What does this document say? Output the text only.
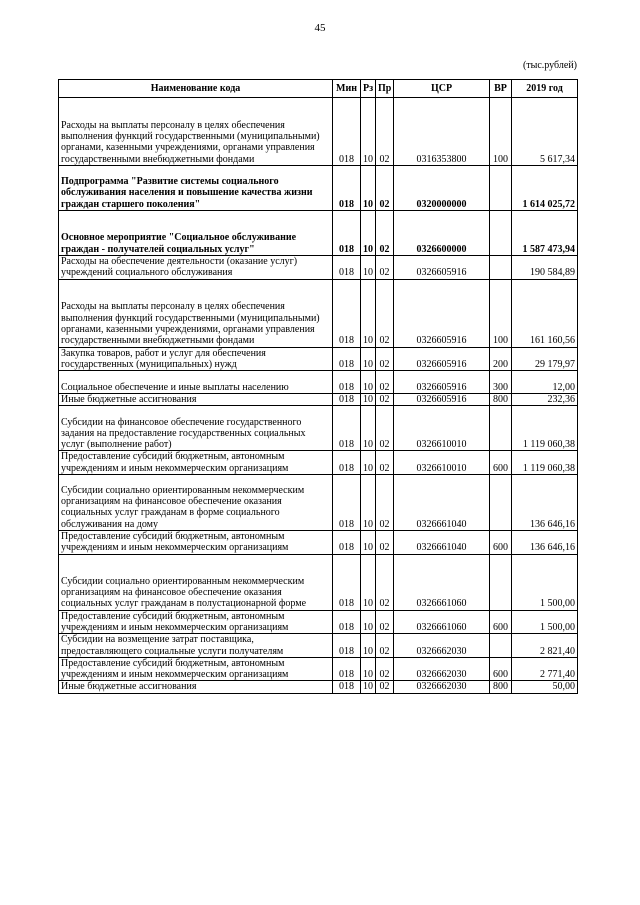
45
(тыс.рублей)
Наименование кода	Мин	Рз	Пр	ЦСР	ВР	2019 год
Расходы на выплаты персоналу в целях обеспечения выполнения функций государственными (муниципальными) органами, казенными учреждениями, органами управления государственными внебюджетными фондами	018	10	02	0316353800	100	5 617,34
Подпрограмма "Развитие системы социального обслуживания населения и повышение качества жизни граждан старшего поколения"	018	10	02	0320000000		1 614 025,72
Основное мероприятие "Социальное обслуживание граждан - получателей социальных услуг"	018	10	02	0326600000		1 587 473,94
Расходы на обеспечение деятельности (оказание услуг) учреждений социального обслуживания	018	10	02	0326605916		190 584,89
Расходы на выплаты персоналу в целях обеспечения выполнения функций государственными (муниципальными) органами, казенными учреждениями, органами управления государственными внебюджетными фондами	018	10	02	0326605916	100	161 160,56
Закупка товаров, работ и услуг для обеспечения государственных (муниципальных) нужд	018	10	02	0326605916	200	29 179,97
Социальное обеспечение и иные выплаты населению	018	10	02	0326605916	300	12,00
Иные бюджетные ассигнования	018	10	02	0326605916	800	232,36
Субсидии на финансовое обеспечение государственного задания на предоставление государственных социальных услуг (выполнение работ)	018	10	02	0326610010		1 119 060,38
Предоставление субсидий бюджетным, автономным учреждениям и иным некоммерческим организациям	018	10	02	0326610010	600	1 119 060,38
Субсидии социально ориентированным некоммерческим организациям на финансовое обеспечение оказания социальных услуг гражданам в форме социального обслуживания на дому	018	10	02	0326661040		136 646,16
Предоставление субсидий бюджетным, автономным учреждениям и иным некоммерческим организациям	018	10	02	0326661040	600	136 646,16
Субсидии социально ориентированным некоммерческим организациям на финансовое обеспечение оказания социальных услуг гражданам в полустационарной форме	018	10	02	0326661060		1 500,00
Предоставление субсидий бюджетным, автономным учреждениям и иным некоммерческим организациям	018	10	02	0326661060	600	1 500,00
Субсидии на возмещение затрат поставщика, предоставляющего социальные услуги получателям	018	10	02	0326662030		2 821,40
Предоставление субсидий бюджетным, автономным учреждениям и иным некоммерческим организациям	018	10	02	0326662030	600	2 771,40
Иные бюджетные ассигнования	018	10	02	0326662030	800	50,00
